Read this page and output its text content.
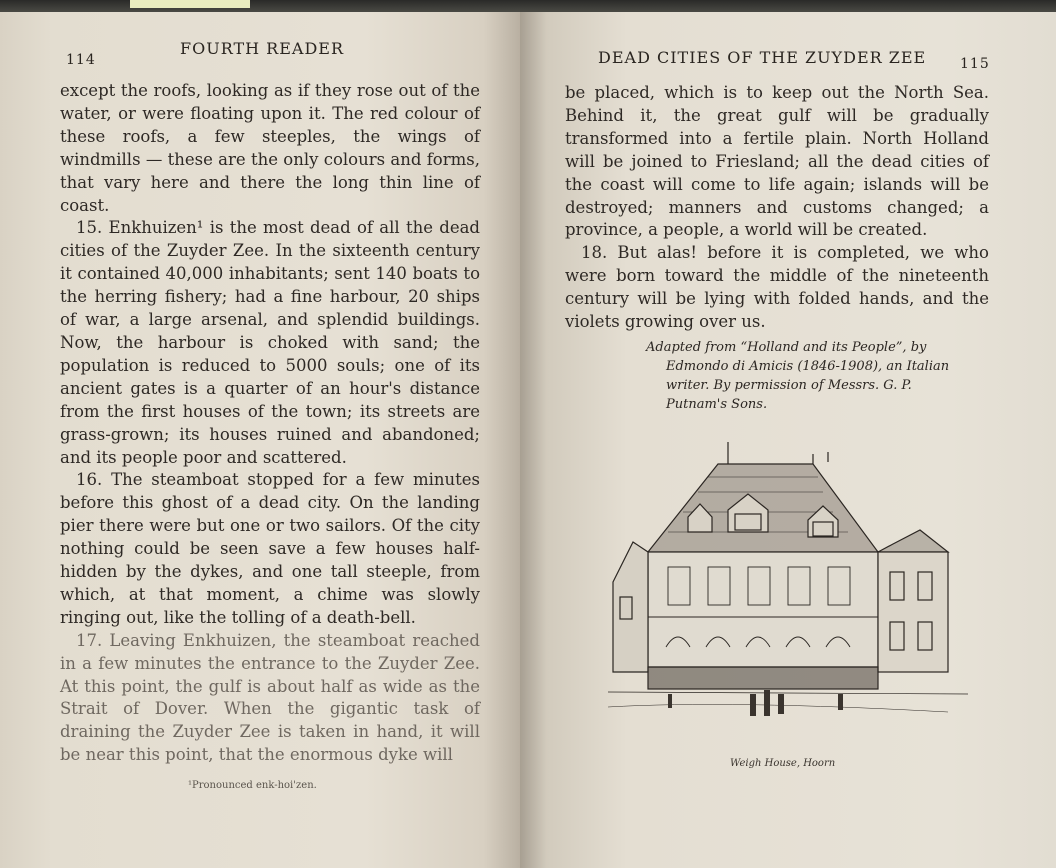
114
FOURTH READER

except the roofs, looking as if they rose out of the water, or were floating upon it. The red colour of these roofs, a few steeples, the wings of windmills — these are the only colours and forms, that vary here and there the long thin line of coast.

15. Enkhuizen¹ is the most dead of all the dead cities of the Zuyder Zee. In the sixteenth century it contained 40,000 inhabitants; sent 140 boats to the herring fishery; had a fine harbour, 20 ships of war, a large arsenal, and splendid buildings. Now, the harbour is choked with sand; the population is reduced to 5000 souls; one of its ancient gates is a quarter of an hour's distance from the first houses of the town; its streets are grass-grown; its houses ruined and abandoned; and its people poor and scattered.

16. The steamboat stopped for a few minutes before this ghost of a dead city. On the landing pier there were but one or two sailors. Of the city nothing could be seen save a few houses half-hidden by the dykes, and one tall steeple, from which, at that moment, a chime was slowly ringing out, like the tolling of a death-bell.

17. Leaving Enkhuizen, the steamboat reached in a few minutes the entrance to the Zuyder Zee. At this point, the gulf is about half as wide as the Strait of Dover. When the gigantic task of draining the Zuyder Zee is taken in hand, it will be near this point, that the enormous dyke will

¹Pronounced enk-hoi'zen.
DEAD CITIES OF THE ZUYDER ZEE 115

be placed, which is to keep out the North Sea. Behind it, the great gulf will be gradually transformed into a fertile plain. North Holland will be joined to Friesland; all the dead cities of the coast will come to life again; islands will be destroyed; manners and customs changed; a province, a people, a world will be created.

18. But alas! before it is completed, we who were born toward the middle of the nineteenth century will be lying with folded hands, and the violets growing over us.

Adapted from “Holland and its People”, by
Edmondo di Amicis (1846-1908), an Italian
writer. By permission of Messrs. G. P.
Putnam's Sons.
Weigh House, Hoorn
